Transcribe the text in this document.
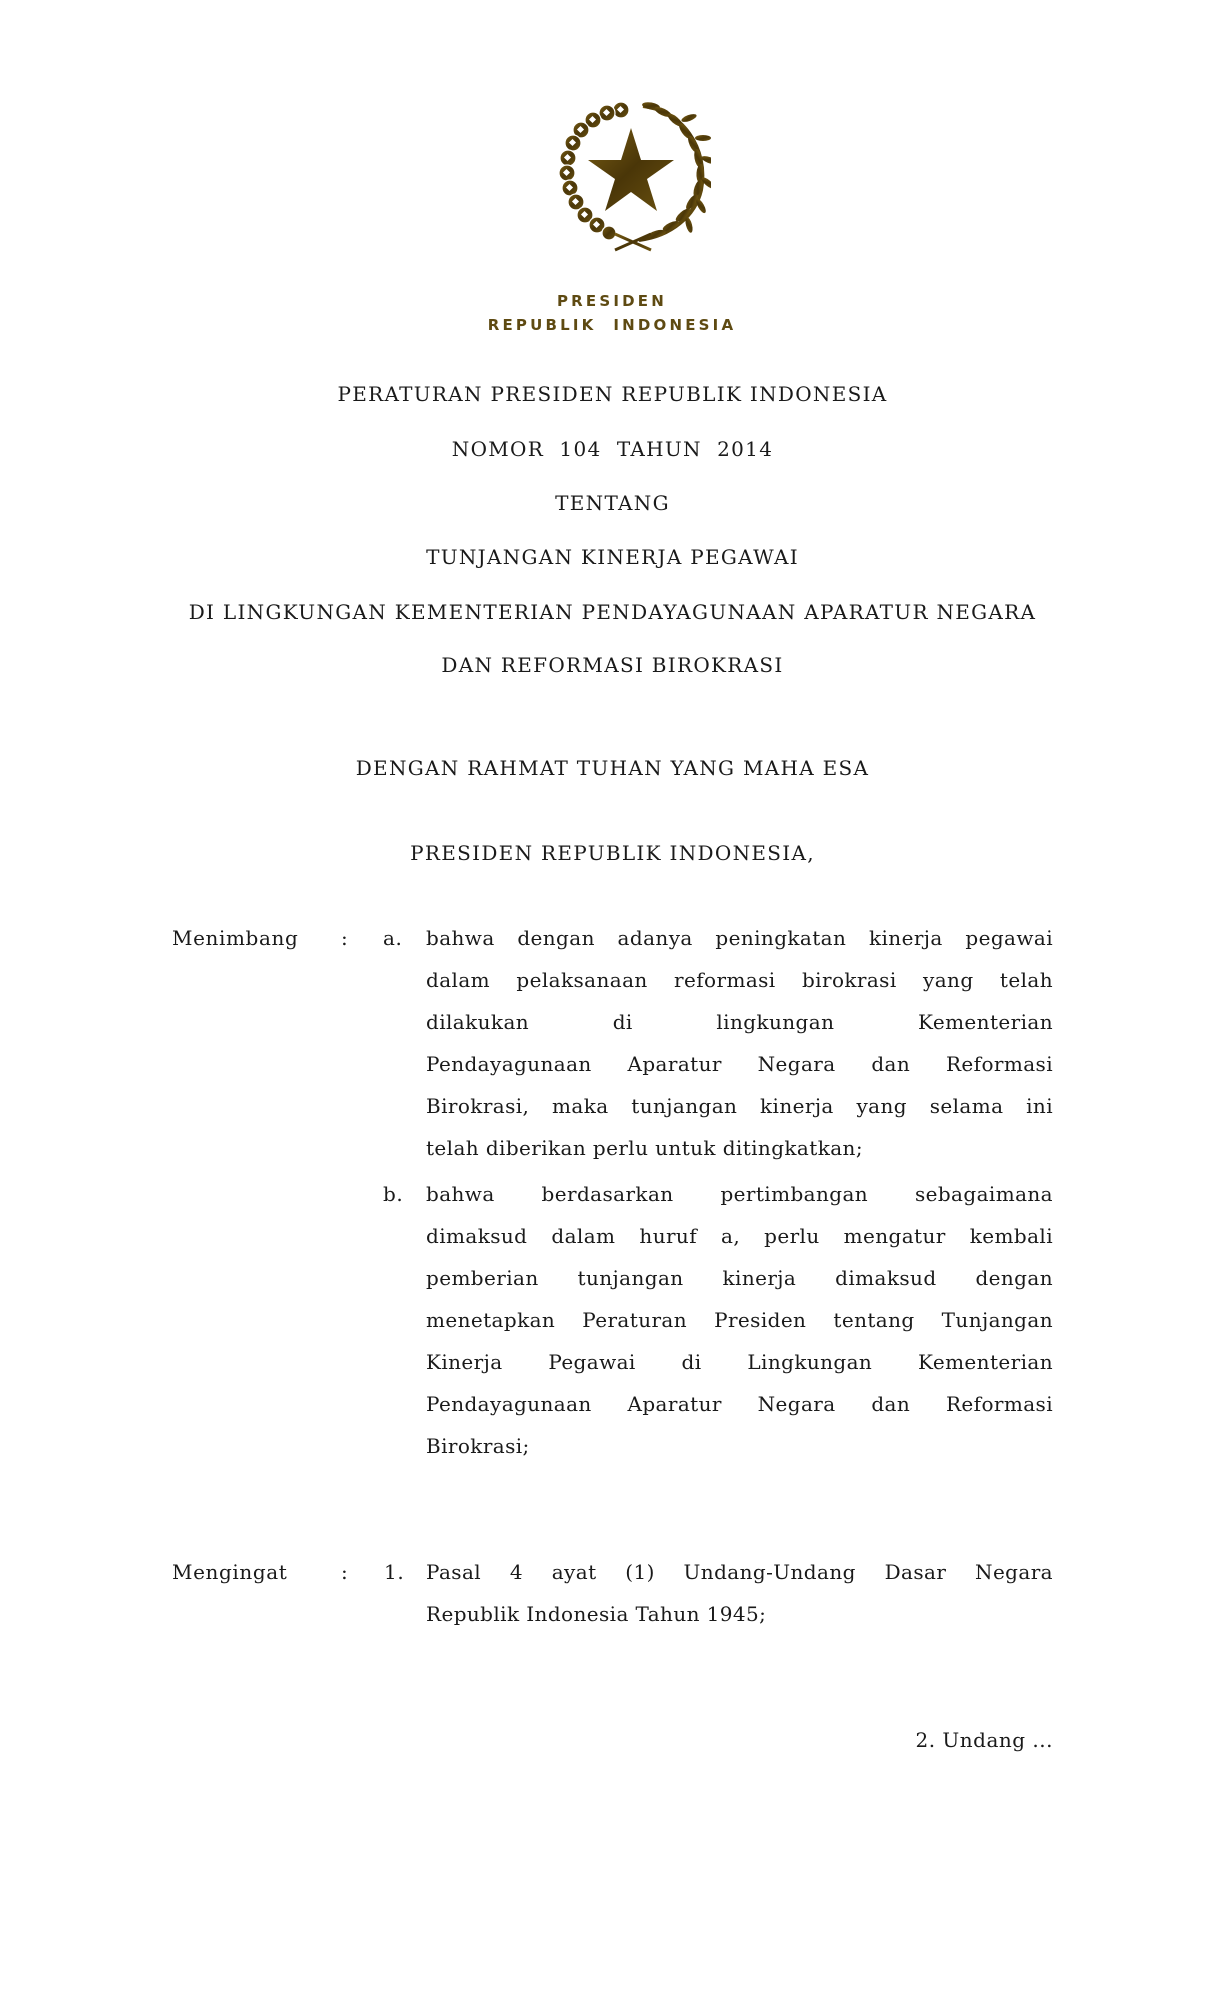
PRESIDEN
REPUBLIK  INDONESIA
PERATURAN PRESIDEN REPUBLIK INDONESIA
NOMOR  104  TAHUN  2014
TENTANG
TUNJANGAN KINERJA PEGAWAI
DI LINGKUNGAN KEMENTERIAN PENDAYAGUNAAN APARATUR NEGARA
DAN REFORMASI BIROKRASI
DENGAN RAHMAT TUHAN YANG MAHA ESA
PRESIDEN REPUBLIK INDONESIA,
Menimbang : a. bahwa dengan adanya peningkatan kinerja pegawai
dalam pelaksanaan reformasi birokrasi yang telah
dilakukan di lingkungan Kementerian
Pendayagunaan Aparatur Negara dan Reformasi
Birokrasi, maka tunjangan kinerja yang selama ini
telah diberikan perlu untuk ditingkatkan;
b. bahwa berdasarkan pertimbangan sebagaimana
dimaksud dalam huruf a, perlu mengatur kembali
pemberian tunjangan kinerja dimaksud dengan
menetapkan Peraturan Presiden tentang Tunjangan
Kinerja Pegawai di Lingkungan Kementerian
Pendayagunaan Aparatur Negara dan Reformasi
Birokrasi;
Mengingat	: 1. Pasal 4 ayat (1) Undang-Undang Dasar Negara
Republik Indonesia Tahun 1945;
2. Undang ...
